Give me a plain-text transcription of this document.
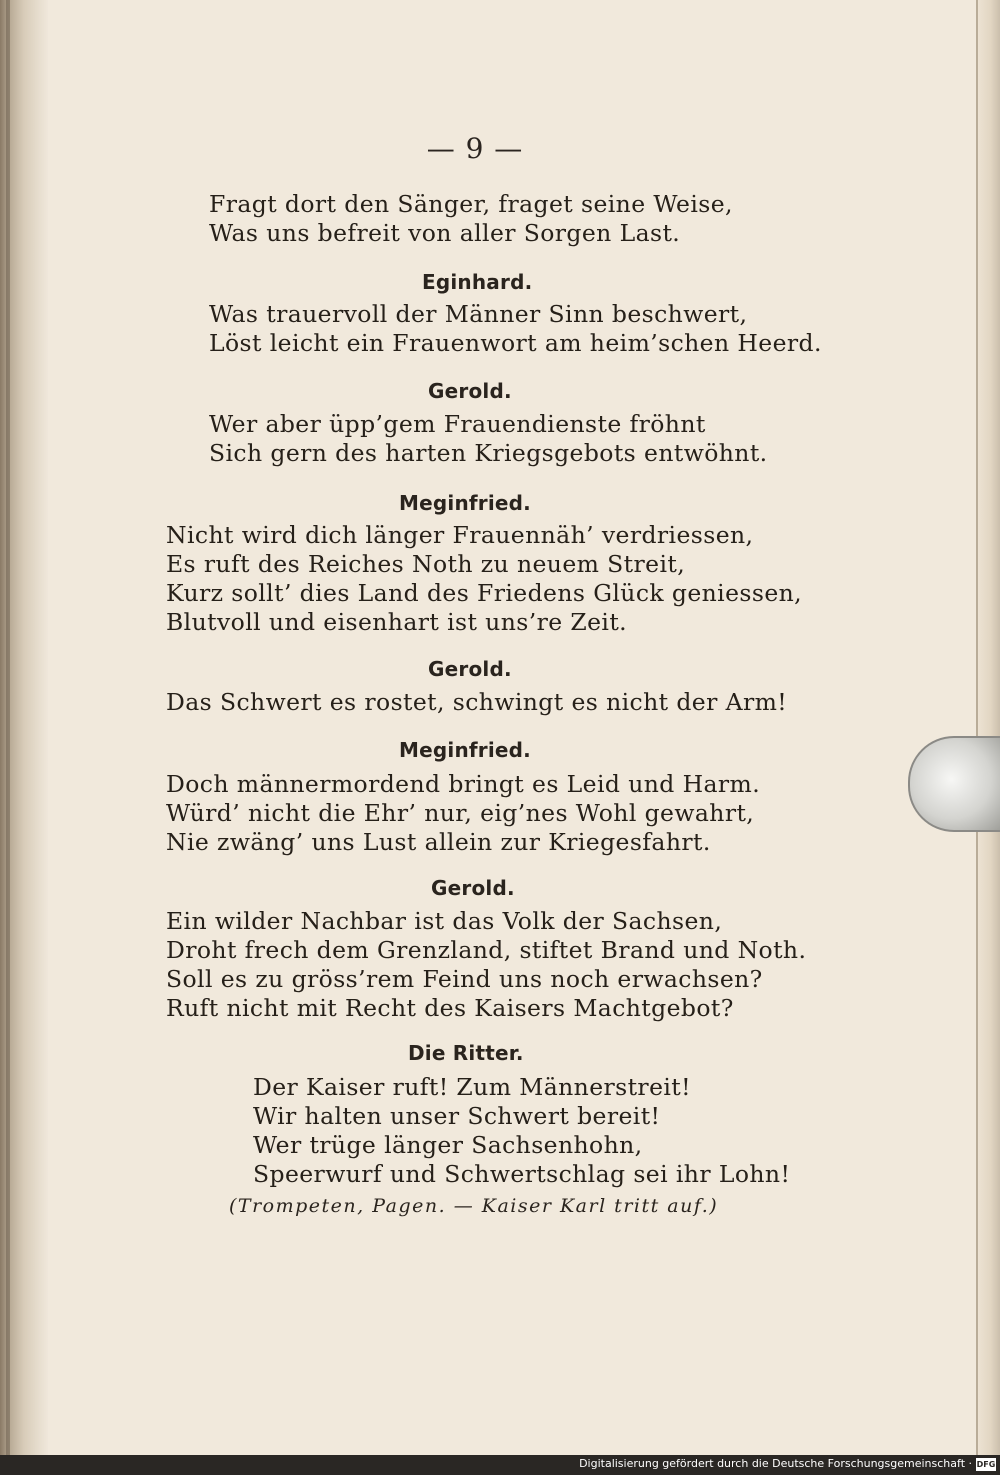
— 9 —
Fragt dort den Sänger, fraget seine Weise,
Was uns befreit von aller Sorgen Last.
Eginhard.
Was trauervoll der Männer Sinn beschwert,
Löst leicht ein Frauenwort am heim’schen Heerd.
Gerold.
Wer aber üpp’gem Frauendienste fröhnt
Sich gern des harten Kriegsgebots entwöhnt.
Meginfried.
Nicht wird dich länger Frauennäh’ verdriessen,
Es ruft des Reiches Noth zu neuem Streit,
Kurz sollt’ dies Land des Friedens Glück geniessen,
Blutvoll und eisenhart ist uns’re Zeit.
Gerold.
Das Schwert es rostet, schwingt es nicht der Arm!
Meginfried.
Doch männermordend bringt es Leid und Harm.
Würd’ nicht die Ehr’ nur, eig’nes Wohl gewahrt,
Nie zwäng’ uns Lust allein zur Kriegesfahrt.
Gerold.
Ein wilder Nachbar ist das Volk der Sachsen,
Droht frech dem Grenzland, stiftet Brand und Noth.
Soll es zu gröss’rem Feind uns noch erwachsen?
Ruft nicht mit Recht des Kaisers Machtgebot?
Die Ritter.
Der Kaiser ruft! Zum Männerstreit!
Wir halten unser Schwert bereit!
Wer trüge länger Sachsenhohn,
Speerwurf und Schwertschlag sei ihr Lohn!
(Trompeten, Pagen. — Kaiser Karl tritt auf.)
Digitalisierung gefördert durch die Deutsche Forschungsgemeinschaft · DFG
